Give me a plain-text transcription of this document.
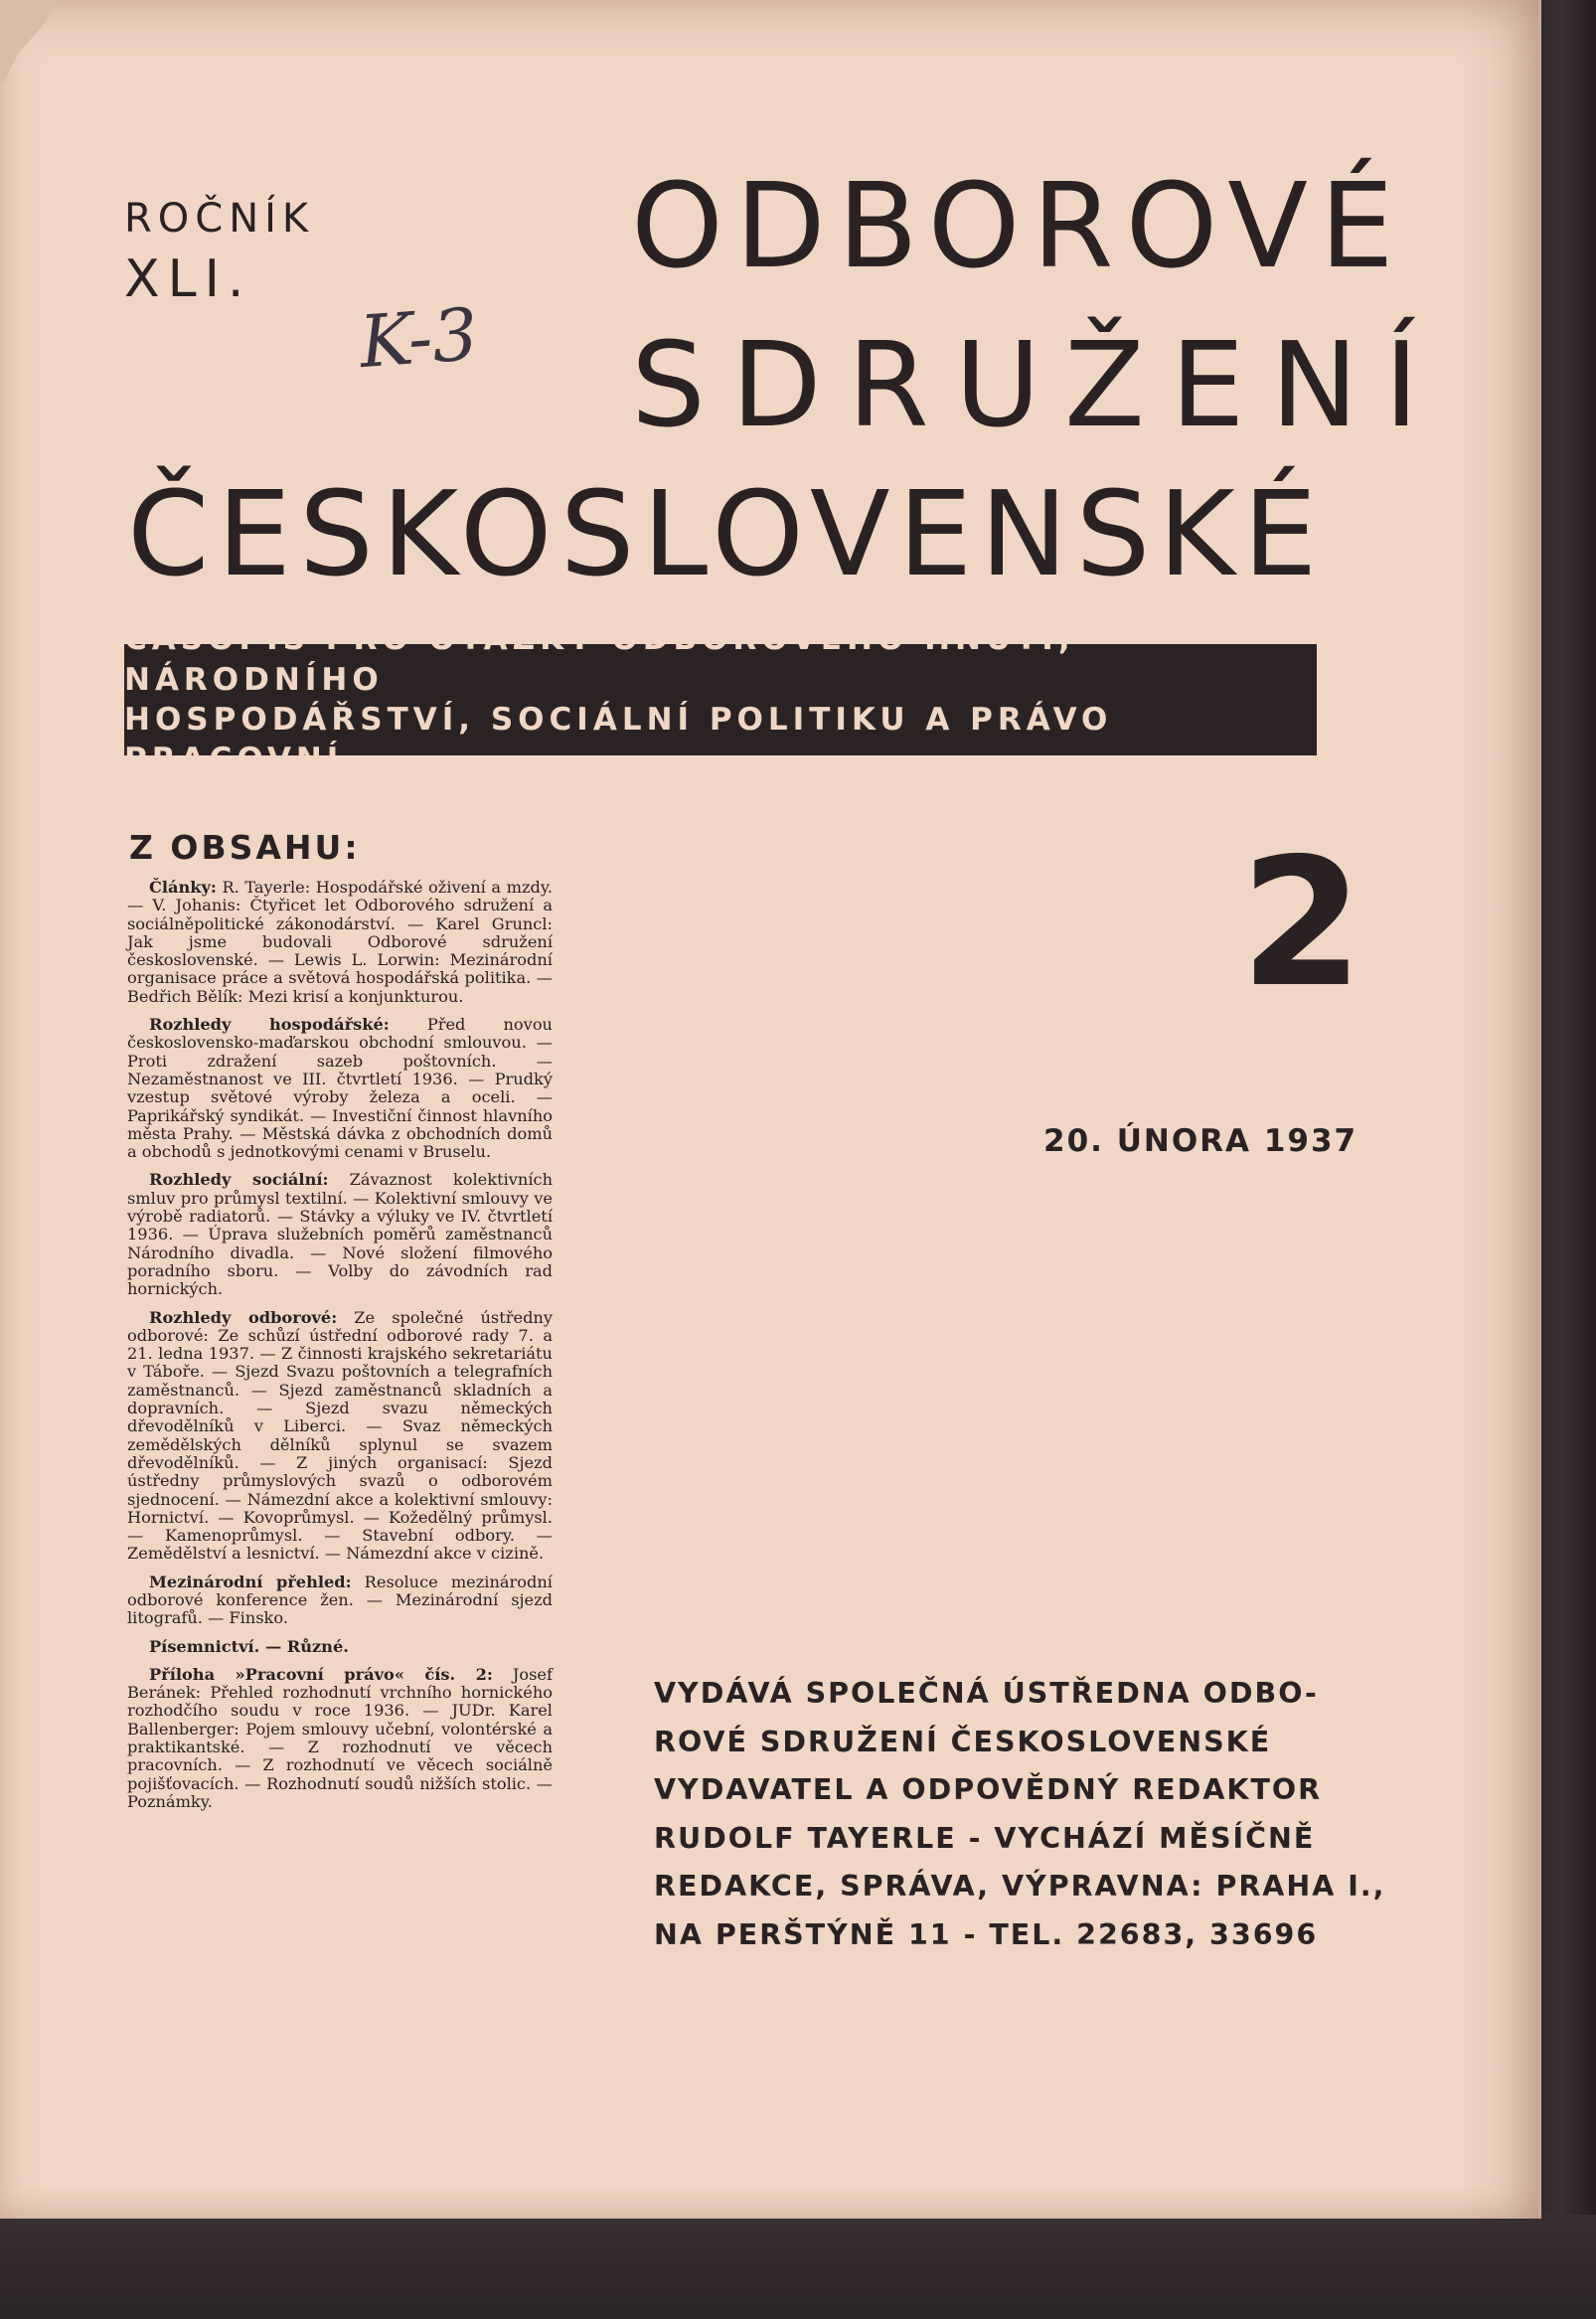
ROČNÍK
XLI.
K-3
ODBOROVÉ
SDRUŽENÍ
ČESKOSLOVENSKÉ
ČASOPIS PRO OTÁZKY ODBOROVÉHO HNUTÍ, NÁRODNÍHO
HOSPODÁŘSTVÍ, SOCIÁLNÍ POLITIKU A PRÁVO PRACOVNÍ
Z OBSAHU:

Články: R. Tayerle: Hospodářské oživení a mzdy. — V. Johanis: Čtyřicet let Odborového sdružení a sociálněpolitické zákonodárství. — Karel Gruncl: Jak jsme budovali Odborové sdružení československé. — Lewis L. Lorwin: Mezinárodní organisace práce a světová hospodářská politika. — Bedřich Bělík: Mezi krisí a konjunkturou.

Rozhledy hospodářské: Před novou československo-maďarskou obchodní smlouvou. — Proti zdražení sazeb poštovních. — Nezaměstnanost ve III. čtvrtletí 1936. — Prudký vzestup světové výroby železa a oceli. — Paprikářský syndikát. — Investiční činnost hlavního města Prahy. — Městská dávka z obchodních domů a obchodů s jednotkovými cenami v Bruselu.

Rozhledy sociální: Závaznost kolektivních smluv pro průmysl textilní. — Kolektivní smlouvy ve výrobě radiatorů. — Stávky a výluky ve IV. čtvrtletí 1936. — Úprava služebních poměrů zaměstnanců Národního divadla. — Nové složení filmového poradního sboru. — Volby do závodních rad hornických.

Rozhledy odborové: Ze společné ústředny odborové: Ze schůzí ústřední odborové rady 7. a 21. ledna 1937. — Z činnosti krajského sekretariátu v Táboře. — Sjezd Svazu poštovních a telegrafních zaměstnanců. — Sjezd zaměstnanců skladních a dopravních. — Sjezd svazu německých dřevodělníků v Liberci. — Svaz německých zemědělských dělníků splynul se svazem dřevodělníků. — Z jiných organisací: Sjezd ústředny průmyslových svazů o odborovém sjednocení. — Námezdní akce a kolektivní smlouvy: Hornictví. — Kovoprůmysl. — Kožedělný průmysl. — Kamenoprůmysl. — Stavební odbory. — Zemědělství a lesnictví. — Námezdní akce v cizině.

Mezinárodní přehled: Resoluce mezinárodní odborové konference žen. — Mezinárodní sjezd litografů. — Finsko.

Písemnictví. — Různé.

Příloha »Pracovní právo« čís. 2: Josef Beránek: Přehled rozhodnutí vrchního hornického rozhodčího soudu v roce 1936. — JUDr. Karel Ballenberger: Pojem smlouvy učební, volontérské a praktikantské. — Z rozhodnutí ve věcech pracovních. — Z rozhodnutí ve věcech sociálně pojišťovacích. — Rozhodnutí soudů nižších stolic. — Poznámky.

2
20. ÚNORA 1937
VYDÁVÁ SPOLEČNÁ ÚSTŘEDNA ODBO-
ROVÉ SDRUŽENÍ ČESKOSLOVENSKÉ
VYDAVATEL A ODPOVĚDNÝ REDAKTOR
RUDOLF TAYERLE - VYCHÁZÍ MĚSÍČNĚ
REDAKCE, SPRÁVA, VÝPRAVNA: PRAHA I.,
NA PERŠTÝNĚ 11 - TEL. 22683, 33696
